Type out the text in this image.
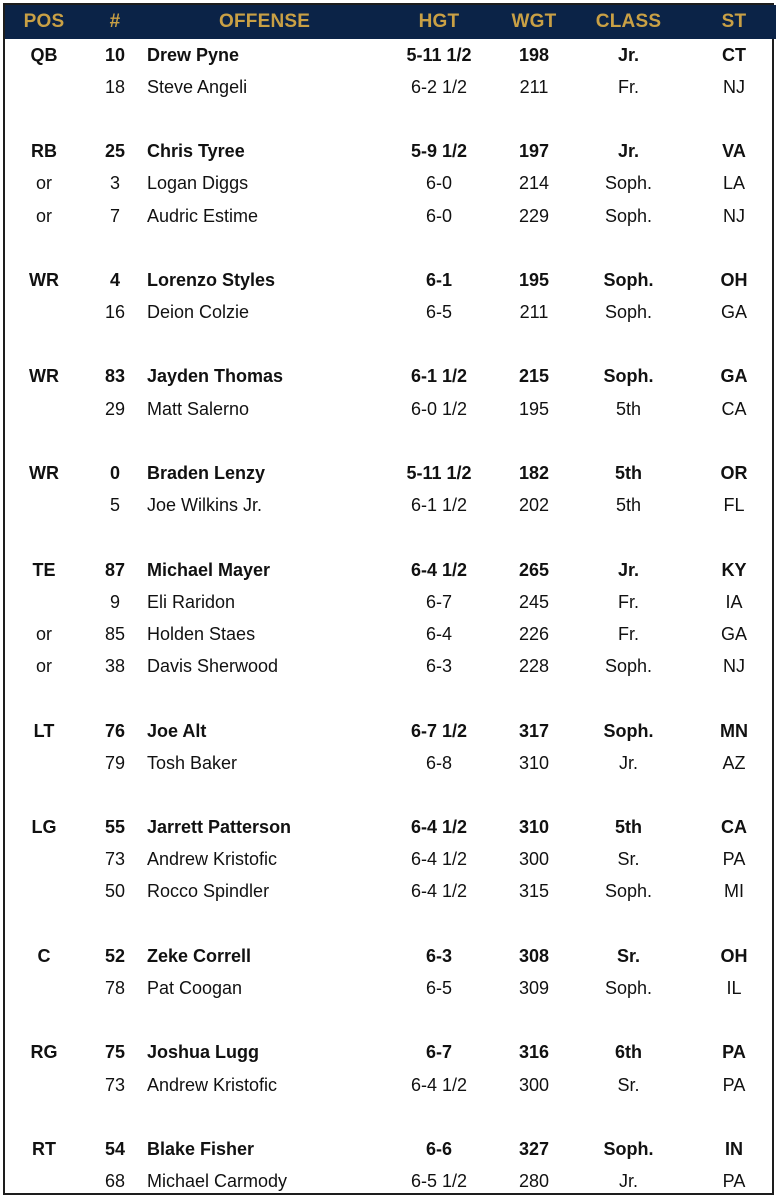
POS	#	OFFENSE	HGT	WGT	CLASS	ST
QB	10	Drew Pyne	5-11 1/2	198	Jr.	CT
	18	Steve Angeli	6-2 1/2	211	Fr.	NJ

RB	25	Chris Tyree	5-9 1/2	197	Jr.	VA
or	3	Logan Diggs	6-0	214	Soph.	LA
or	7	Audric Estime	6-0	229	Soph.	NJ

WR	4	Lorenzo Styles	6-1	195	Soph.	OH
	16	Deion Colzie	6-5	211	Soph.	GA

WR	83	Jayden Thomas	6-1 1/2	215	Soph.	GA
	29	Matt Salerno	6-0 1/2	195	5th	CA

WR	0	Braden Lenzy	5-11 1/2	182	5th	OR
	5	Joe Wilkins Jr.	6-1 1/2	202	5th	FL

TE	87	Michael Mayer	6-4 1/2	265	Jr.	KY
	9	Eli Raridon	6-7	245	Fr.	IA
or	85	Holden Staes	6-4	226	Fr.	GA
or	38	Davis Sherwood	6-3	228	Soph.	NJ

LT	76	Joe Alt	6-7 1/2	317	Soph.	MN
	79	Tosh Baker	6-8	310	Jr.	AZ

LG	55	Jarrett Patterson	6-4 1/2	310	5th	CA
	73	Andrew Kristofic	6-4 1/2	300	Sr.	PA
	50	Rocco Spindler	6-4 1/2	315	Soph.	MI

C	52	Zeke Correll	6-3	308	Sr.	OH
	78	Pat Coogan	6-5	309	Soph.	IL

RG	75	Joshua Lugg	6-7	316	6th	PA
	73	Andrew Kristofic	6-4 1/2	300	Sr.	PA

RT	54	Blake Fisher	6-6	327	Soph.	IN
	68	Michael Carmody	6-5 1/2	280	Jr.	PA
